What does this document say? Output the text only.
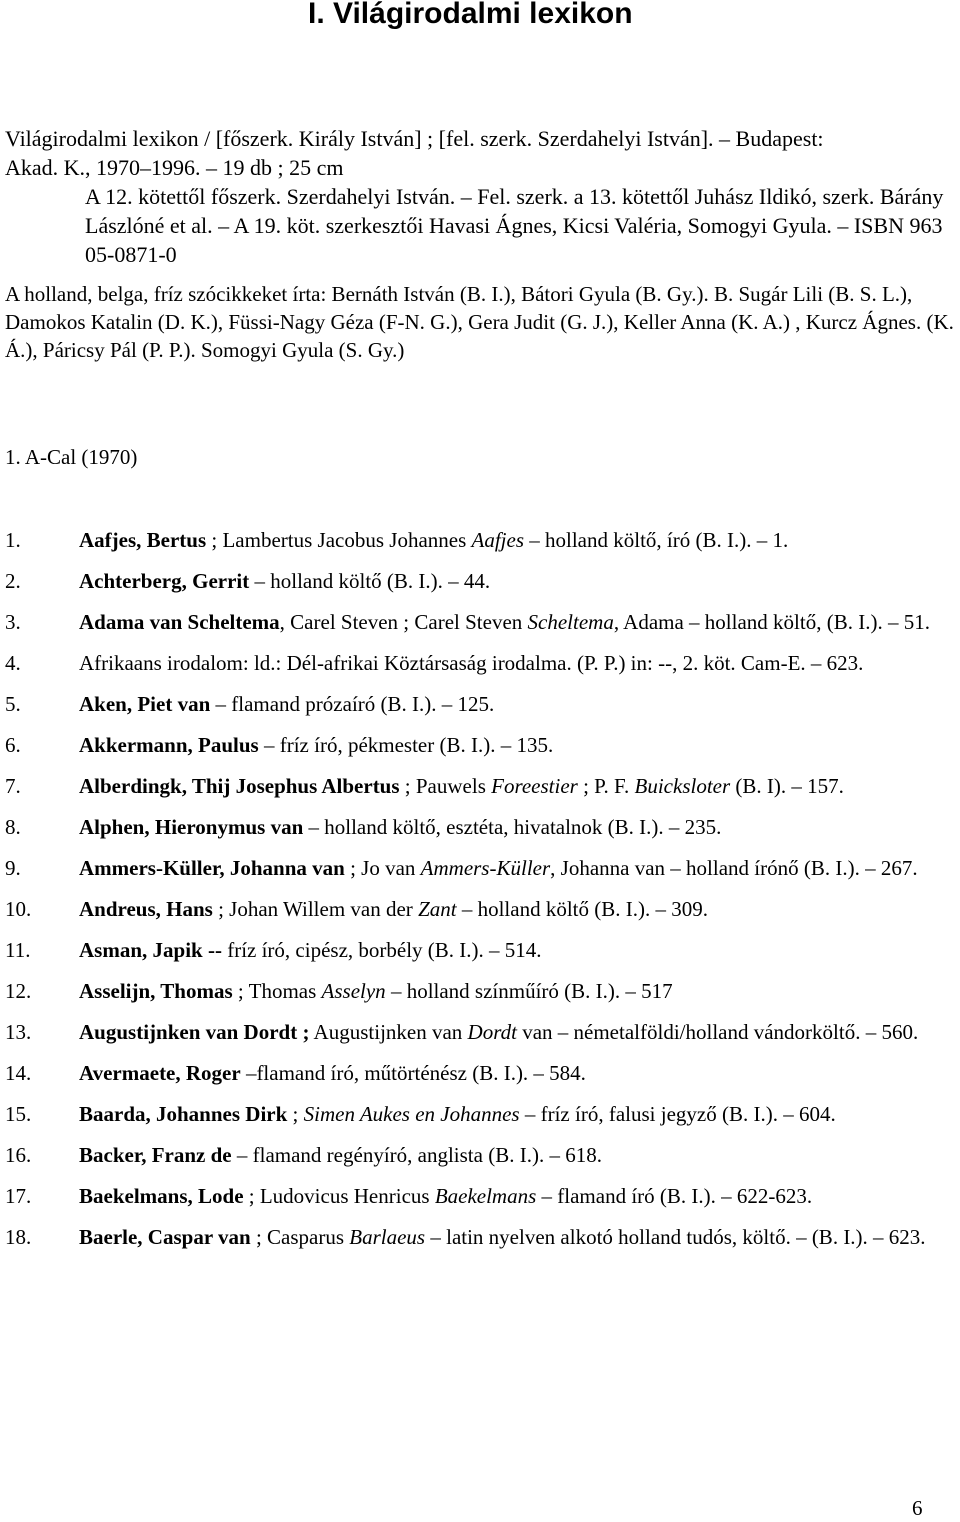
I. Világirodalmi lexikon

Világirodalmi lexikon / [főszerk. Király István] ; [fel. szerk. Szerdahelyi István]. – Budapest:

Akad. K., 1970–1996. – 19 db ; 25 cm

A 12. kötettől főszerk. Szerdahelyi István. – Fel. szerk. a 13. kötettől Juhász Ildikó, szerk. Bárány Lászlóné et al. – A 19. köt. szerkesztői Havasi Ágnes, Kicsi Valéria, Somogyi Gyula. – ISBN 963 05-0871-0

A holland, belga, fríz szócikkeket írta: Bernáth István (B. I.), Bátori Gyula (B. Gy.). B. Sugár Lili (B. S. L.), Damokos Katalin (D. K.), Füssi-Nagy Géza (F-N. G.), Gera Judit (G. J.), Keller Anna (K. A.) , Kurcz Ágnes. (K. Á.), Páricsy Pál (P. P.). Somogyi Gyula (S. Gy.)

1. A-Cal (1970)

1.	Aafjes, Bertus ; Lambertus Jacobus Johannes Aafjes – holland költő, író (B. I.). – 1.
2.	Achterberg, Gerrit – holland költő (B. I.). – 44.
3.	Adama van Scheltema, Carel Steven ; Carel Steven Scheltema, Adama – holland költő, (B. I.). – 51.
4.	Afrikaans irodalom: ld.: Dél-afrikai Köztársaság irodalma. (P. P.) in: --, 2. köt. Cam-E. – 623.
5.	Aken, Piet van – flamand prózaíró (B. I.). – 125.
6.	Akkermann, Paulus – fríz író, pékmester (B. I.). – 135.
7.	Alberdingk, Thij Josephus Albertus ; Pauwels Foreestier ; P. F. Buicksloter (B. I). – 157.
8.	Alphen, Hieronymus van – holland költő, esztéta, hivatalnok (B. I.). – 235.
9.	Ammers-Küller, Johanna van ; Jo van Ammers-Küller, Johanna van – holland írónő (B. I.). – 267.
10.	Andreus, Hans ; Johan Willem van der Zant – holland költő (B. I.). – 309.
11.	Asman, Japik -- fríz író, cipész, borbély (B. I.). – 514.
12.	Asselijn, Thomas ; Thomas Asselyn – holland színműíró (B. I.). – 517
13.	Augustijnken van Dordt ; Augustijnken van Dordt van – németalföldi/holland vándorköltő. – 560.
14.	Avermaete, Roger –flamand író, műtörténész (B. I.). – 584.
15.	Baarda, Johannes Dirk ; Simen Aukes en Johannes – fríz író, falusi jegyző (B. I.). – 604.
16.	Backer, Franz de – flamand regényíró, anglista (B. I.). – 618.
17.	Baekelmans, Lode ; Ludovicus Henricus Baekelmans – flamand író (B. I.). – 622-623.
18.	Baerle, Caspar van ; Casparus Barlaeus – latin nyelven alkotó holland tudós, költő. – (B. I.). – 623.
6
